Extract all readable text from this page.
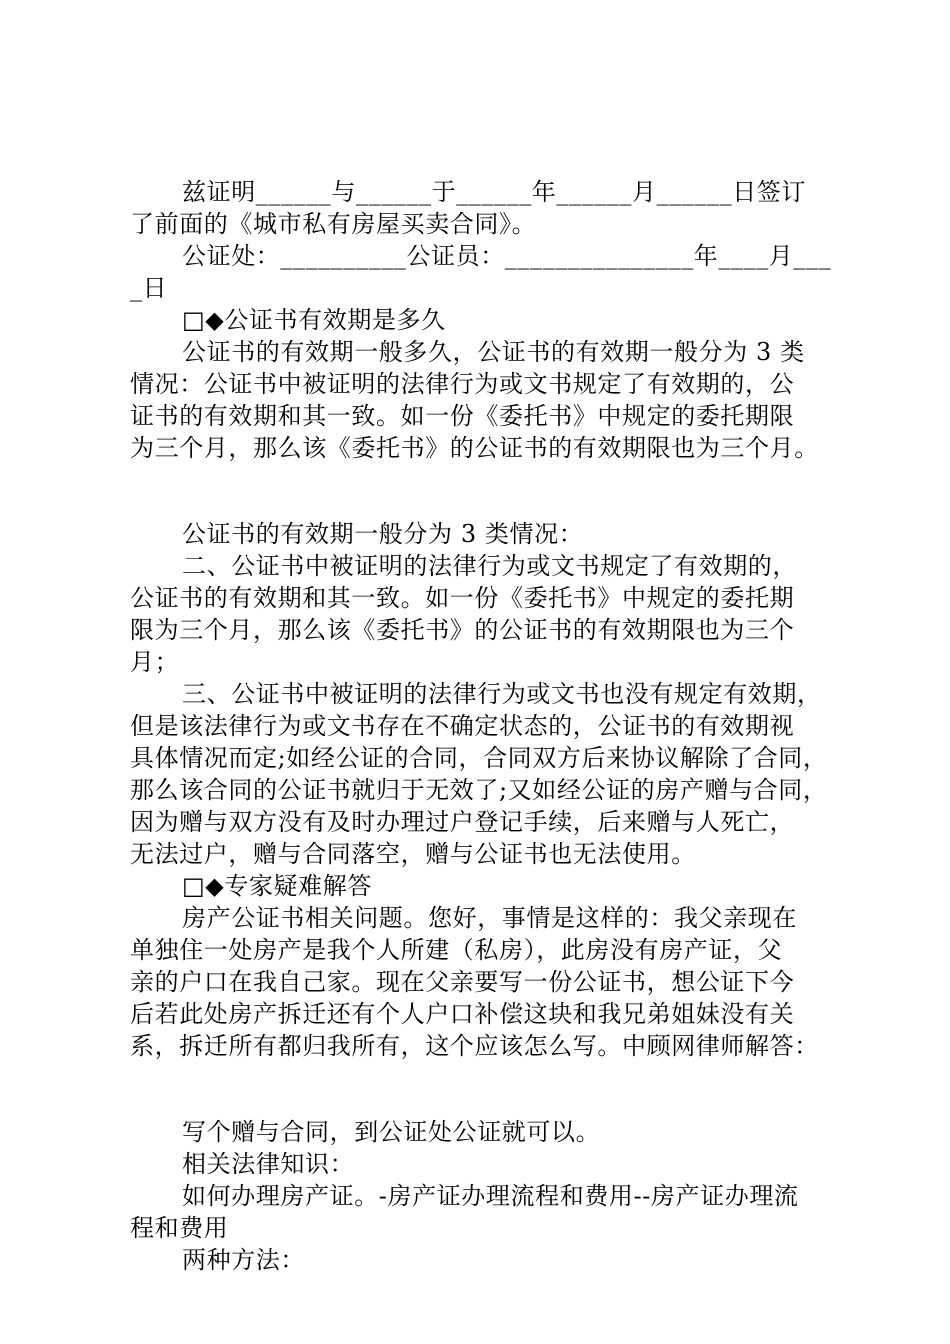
兹证明______与______于______年______月______日签订

了前面的《城市私有房屋买卖合同》。

公证处：__________公证员：_______________年____月___

_日

□◆公证书有效期是多久

公证书的有效期一般多久，公证书的有效期一般分为 3 类

情况：公证书中被证明的法律行为或文书规定了有效期的，公

证书的有效期和其一致。如一份《委托书》中规定的委托期限

为三个月，那么该《委托书》的公证书的有效期限也为三个月。

公证书的有效期一般分为 3 类情况：

二、公证书中被证明的法律行为或文书规定了有效期的，

公证书的有效期和其一致。如一份《委托书》中规定的委托期

限为三个月，那么该《委托书》的公证书的有效期限也为三个

月；

三、公证书中被证明的法律行为或文书也没有规定有效期，

但是该法律行为或文书存在不确定状态的，公证书的有效期视

具体情况而定;如经公证的合同，合同双方后来协议解除了合同，

那么该合同的公证书就归于无效了;又如经公证的房产赠与合同，

因为赠与双方没有及时办理过户登记手续，后来赠与人死亡，

无法过户，赠与合同落空，赠与公证书也无法使用。

□◆专家疑难解答

房产公证书相关问题。您好，事情是这样的：我父亲现在

单独住一处房产是我个人所建（私房），此房没有房产证，父

亲的户口在我自己家。现在父亲要写一份公证书，想公证下今

后若此处房产拆迁还有个人户口补偿这块和我兄弟姐妹没有关

系，拆迁所有都归我所有，这个应该怎么写。中顾网律师解答：

写个赠与合同，到公证处公证就可以。

相关法律知识：

如何办理房产证。-房产证办理流程和费用--房产证办理流

程和费用

两种方法：
